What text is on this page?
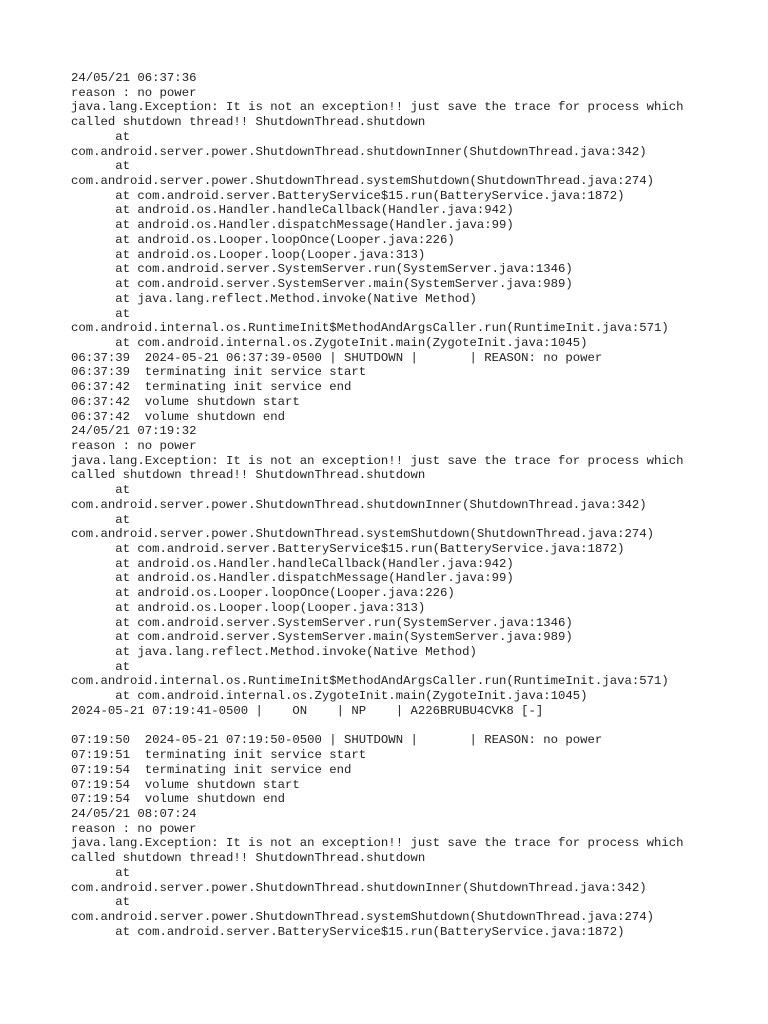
24/05/21 06:37:36
reason : no power
java.lang.Exception: It is not an exception!! just save the trace for process which
called shutdown thread!! ShutdownThread.shutdown
at
com.android.server.power.ShutdownThread.shutdownInner(ShutdownThread.java:342)
at
com.android.server.power.ShutdownThread.systemShutdown(ShutdownThread.java:274)
at com.android.server.BatteryService$15.run(BatteryService.java:1872)
at android.os.Handler.handleCallback(Handler.java:942)
at android.os.Handler.dispatchMessage(Handler.java:99)
at android.os.Looper.loopOnce(Looper.java:226)
at android.os.Looper.loop(Looper.java:313)
at com.android.server.SystemServer.run(SystemServer.java:1346)
at com.android.server.SystemServer.main(SystemServer.java:989)
at java.lang.reflect.Method.invoke(Native Method)
at
com.android.internal.os.RuntimeInit$MethodAndArgsCaller.run(RuntimeInit.java:571)
at com.android.internal.os.ZygoteInit.main(ZygoteInit.java:1045)
06:37:39  2024-05-21 06:37:39-0500 | SHUTDOWN |       | REASON: no power
06:37:39  terminating init service start
06:37:42  terminating init service end
06:37:42  volume shutdown start
06:37:42  volume shutdown end
24/05/21 07:19:32
reason : no power
java.lang.Exception: It is not an exception!! just save the trace for process which
called shutdown thread!! ShutdownThread.shutdown
at
com.android.server.power.ShutdownThread.shutdownInner(ShutdownThread.java:342)
at
com.android.server.power.ShutdownThread.systemShutdown(ShutdownThread.java:274)
at com.android.server.BatteryService$15.run(BatteryService.java:1872)
at android.os.Handler.handleCallback(Handler.java:942)
at android.os.Handler.dispatchMessage(Handler.java:99)
at android.os.Looper.loopOnce(Looper.java:226)
at android.os.Looper.loop(Looper.java:313)
at com.android.server.SystemServer.run(SystemServer.java:1346)
at com.android.server.SystemServer.main(SystemServer.java:989)
at java.lang.reflect.Method.invoke(Native Method)
at
com.android.internal.os.RuntimeInit$MethodAndArgsCaller.run(RuntimeInit.java:571)
at com.android.internal.os.ZygoteInit.main(ZygoteInit.java:1045)
2024-05-21 07:19:41-0500 |    ON    | NP    | A226BRUBU4CVK8 [-]
07:19:50  2024-05-21 07:19:50-0500 | SHUTDOWN |       | REASON: no power
07:19:51  terminating init service start
07:19:54  terminating init service end
07:19:54  volume shutdown start
07:19:54  volume shutdown end
24/05/21 08:07:24
reason : no power
java.lang.Exception: It is not an exception!! just save the trace for process which
called shutdown thread!! ShutdownThread.shutdown
at
com.android.server.power.ShutdownThread.shutdownInner(ShutdownThread.java:342)
at
com.android.server.power.ShutdownThread.systemShutdown(ShutdownThread.java:274)
at com.android.server.BatteryService$15.run(BatteryService.java:1872)
